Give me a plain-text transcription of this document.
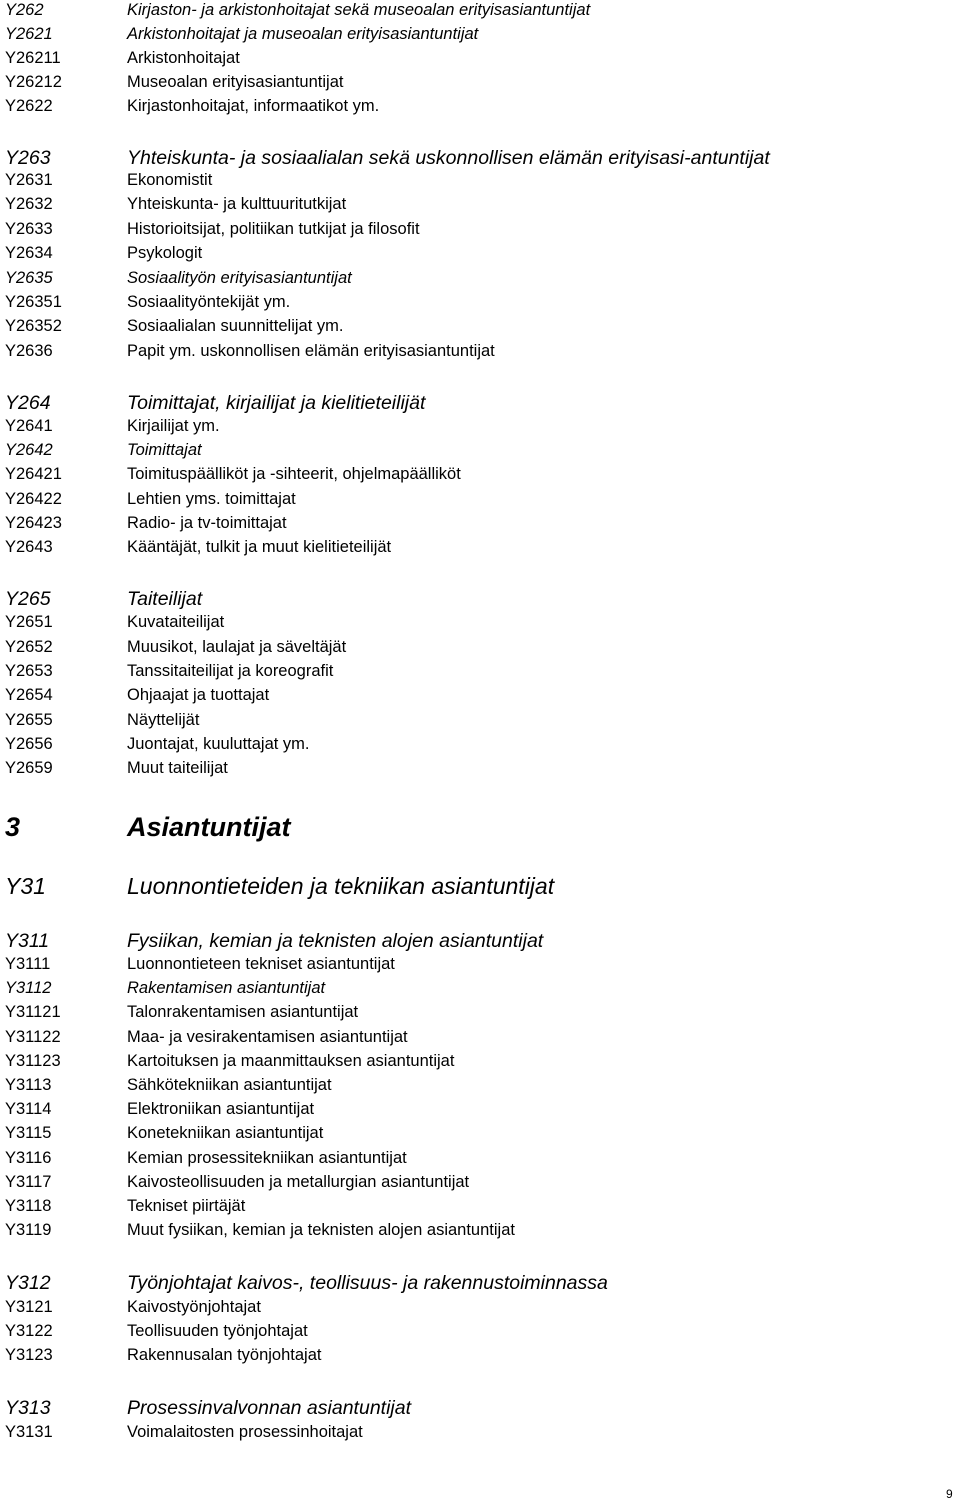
Y262	Kirjaston- ja arkistonhoitajat sekä museoalan erityisasiantuntijat
Y2621	Arkistonhoitajat ja museoalan erityisasiantuntijat
Y26211	Arkistonhoitajat
Y26212	Museoalan erityisasiantuntijat
Y2622	Kirjastonhoitajat, informaatikot ym.
Y263	Yhteiskunta- ja sosiaalialan sekä uskonnollisen elämän erityisasi-antuntijat
Y2631	Ekonomistit
Y2632	Yhteiskunta- ja kulttuuritutkijat
Y2633	Historioitsijat, politiikan tutkijat ja filosofit
Y2634	Psykologit
Y2635	Sosiaalityön erityisasiantuntijat
Y26351	Sosiaalityöntekijät ym.
Y26352	Sosiaalialan suunnittelijat ym.
Y2636	Papit ym. uskonnollisen elämän erityisasiantuntijat
Y264	Toimittajat, kirjailijat ja kielitieteilijät
Y2641	Kirjailijat ym.
Y2642	Toimittajat
Y26421	Toimituspäälliköt ja -sihteerit, ohjelmapäälliköt
Y26422	Lehtien yms. toimittajat
Y26423	Radio- ja tv-toimittajat
Y2643	Kääntäjät, tulkit ja muut kielitieteilijät
Y265	Taiteilijat
Y2651	Kuvataiteilijat
Y2652	Muusikot, laulajat ja säveltäjät
Y2653	Tanssitaiteilijat ja koreografit
Y2654	Ohjaajat ja tuottajat
Y2655	Näyttelijät
Y2656	Juontajat, kuuluttajat ym.
Y2659	Muut taiteilijat
3	Asiantuntijat
Y31	Luonnontieteiden ja tekniikan asiantuntijat
Y311	Fysiikan, kemian ja teknisten alojen asiantuntijat
Y3111	Luonnontieteen tekniset asiantuntijat
Y3112	Rakentamisen asiantuntijat
Y31121	Talonrakentamisen asiantuntijat
Y31122	Maa- ja vesirakentamisen asiantuntijat
Y31123	Kartoituksen ja maanmittauksen asiantuntijat
Y3113	Sähkötekniikan asiantuntijat
Y3114	Elektroniikan asiantuntijat
Y3115	Konetekniikan asiantuntijat
Y3116	Kemian prosessitekniikan asiantuntijat
Y3117	Kaivosteollisuuden ja metallurgian asiantuntijat
Y3118	Tekniset piirtäjät
Y3119	Muut fysiikan, kemian ja teknisten alojen asiantuntijat
Y312	Työnjohtajat kaivos-, teollisuus- ja rakennustoiminnassa
Y3121	Kaivostyönjohtajat
Y3122	Teollisuuden työnjohtajat
Y3123	Rakennusalan työnjohtajat
Y313	Prosessinvalvonnan asiantuntijat
Y3131	Voimalaitosten prosessinhoitajat
9
